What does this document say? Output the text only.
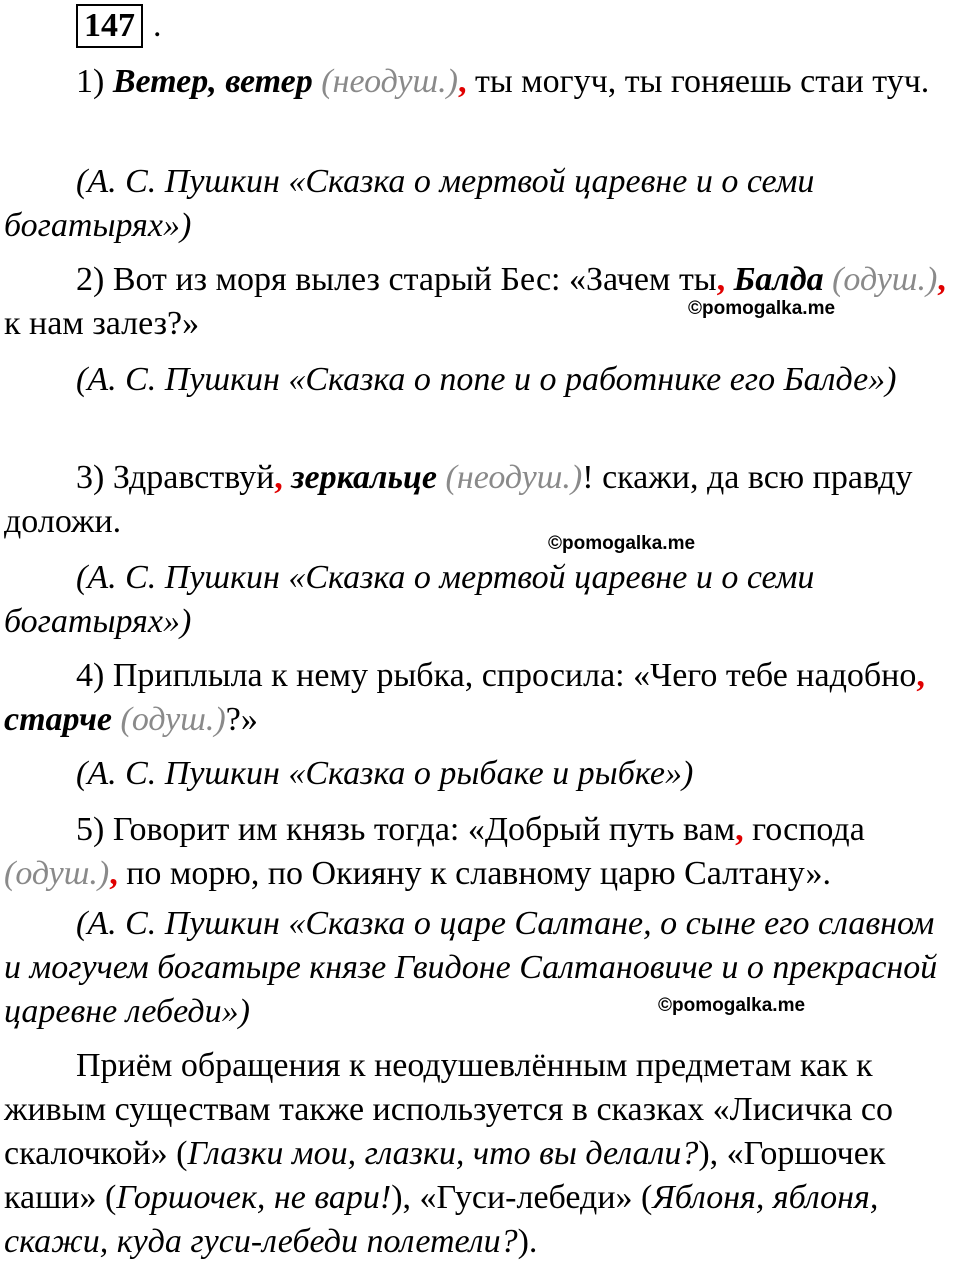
147 .

1) Ветер, ветер (неодуш.), ты могуч, ты гоняешь стаи туч.

(А. С. Пушкин «Сказка о мертвой царевне и о семи богатырях»)

2) Вот из моря вылез старый Бес: «Зачем ты, Балда (одуш.), к нам залез?»

(А. С. Пушкин «Сказка о попе и о работнике его Балде»)

3) Здравствуй, зеркальце (неодуш.)! скажи, да всю правду доложи.

(А. С. Пушкин «Сказка о мертвой царевне и о семи богатырях»)

4) Приплыла к нему рыбка, спросила: «Чего тебе надобно, старче (одуш.)?»

(А. С. Пушкин «Сказка о рыбаке и рыбке»)

5) Говорит им князь тогда: «Добрый путь вам, господа (одуш.), по морю, по Окияну к славному царю Салтану».

(А. С. Пушкин «Сказка о царе Салтане, о сыне его славном и могучем богатыре князе Гвидоне Салтановиче и о прекрасной царевне лебеди»)

Приём обращения к неодушевлённым предметам как к живым существам также используется в сказках «Лисичка со скалочкой» (Глазки мои, глазки, что вы делали?), «Горшочек каши» (Горшочек, не вари!), «Гуси-лебеди» (Яблоня, яблоня, скажи, куда гуси-лебеди полетели?).

©pomogalka.me
©pomogalka.me
©pomogalka.me
